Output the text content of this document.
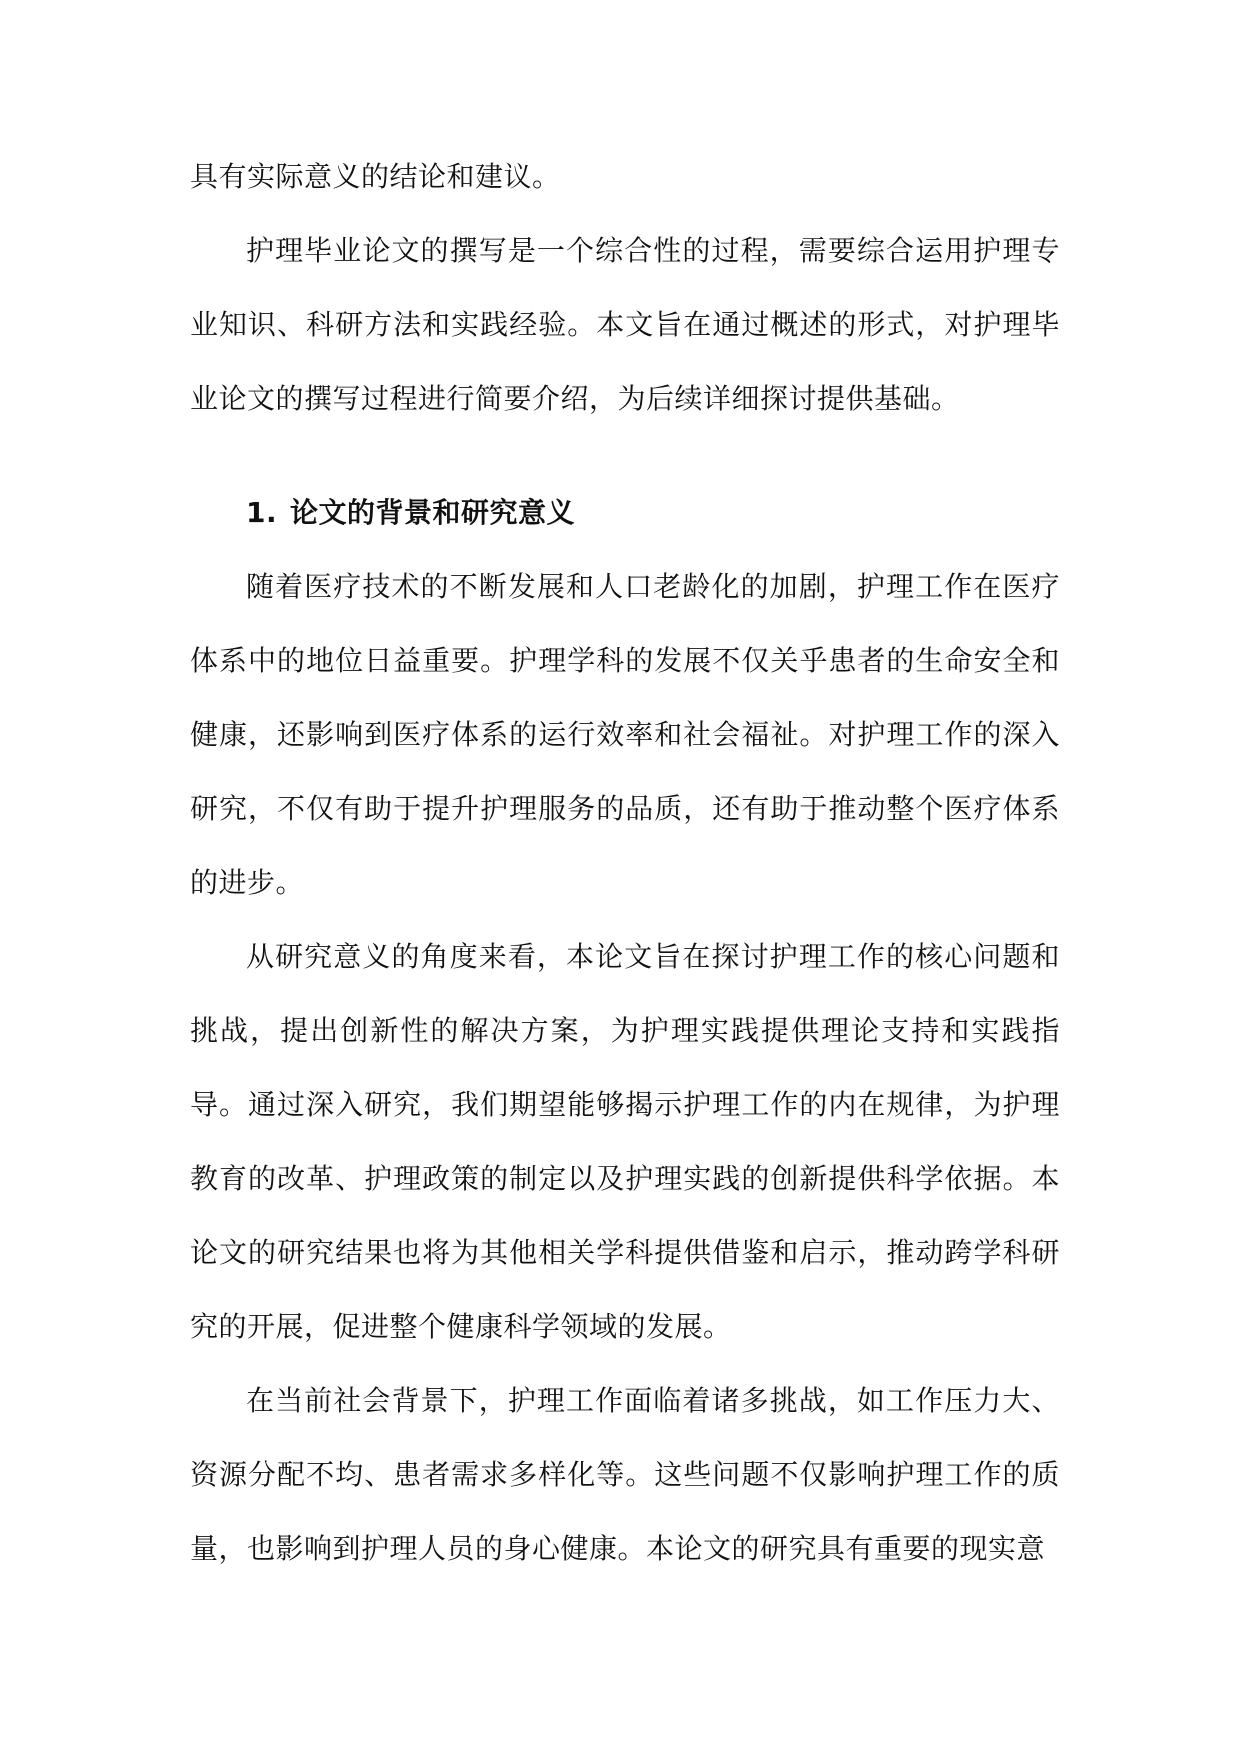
具有实际意义的结论和建议。

护理毕业论文的撰写是一个综合性的过程，需要综合运用护理专业知识、科研方法和实践经验。本文旨在通过概述的形式，对护理毕业论文的撰写过程进行简要介绍，为后续详细探讨提供基础。

1. 论文的背景和研究意义

随着医疗技术的不断发展和人口老龄化的加剧，护理工作在医疗体系中的地位日益重要。护理学科的发展不仅关乎患者的生命安全和健康，还影响到医疗体系的运行效率和社会福祉。对护理工作的深入研究，不仅有助于提升护理服务的品质，还有助于推动整个医疗体系的进步。

从研究意义的角度来看，本论文旨在探讨护理工作的核心问题和挑战，提出创新性的解决方案，为护理实践提供理论支持和实践指导。通过深入研究，我们期望能够揭示护理工作的内在规律，为护理教育的改革、护理政策的制定以及护理实践的创新提供科学依据。本论文的研究结果也将为其他相关学科提供借鉴和启示，推动跨学科研究的开展，促进整个健康科学领域的发展。

在当前社会背景下，护理工作面临着诸多挑战，如工作压力大、资源分配不均、患者需求多样化等。这些问题不仅影响护理工作的质量，也影响到护理人员的身心健康。本论文的研究具有重要的现实意
